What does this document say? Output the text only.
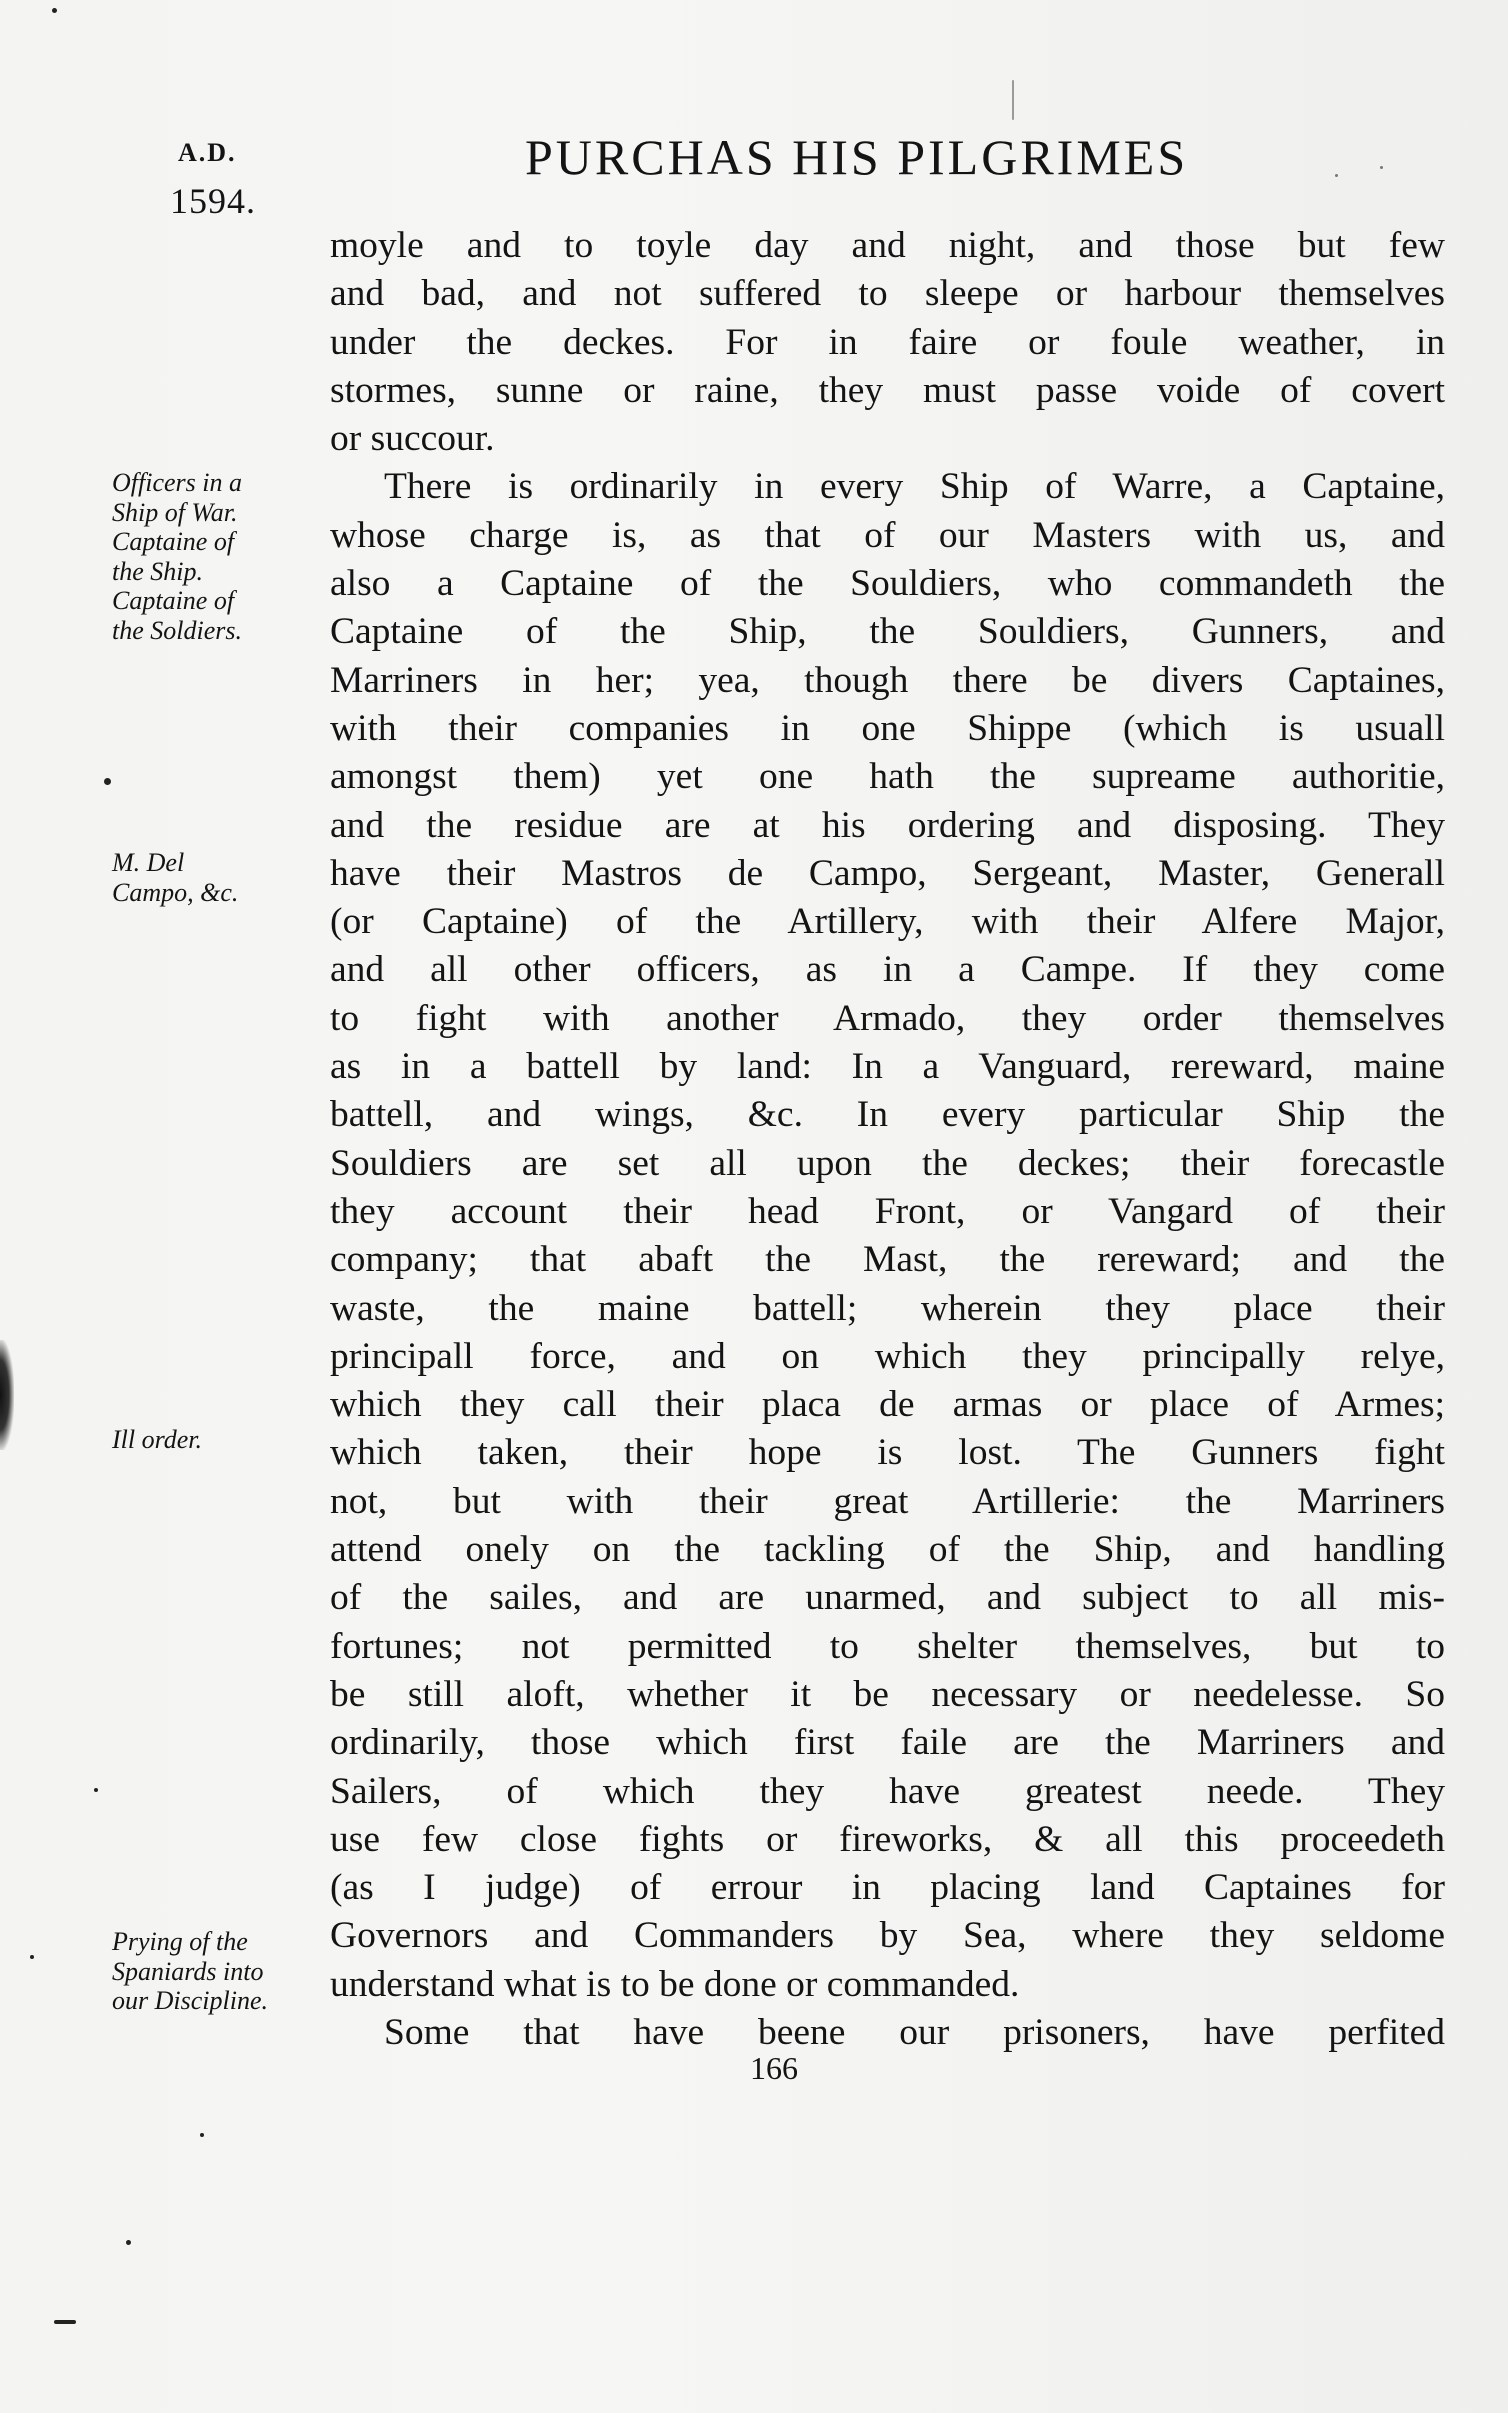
A.D.
1594.
PURCHAS HIS PILGRIMES
Officers in a
Ship of War.
Captaine of
the Ship.
Captaine of
the Soldiers.
M. Del
Campo, &c.
Ill order.
Prying of the
Spaniards into
our Discipline.
moyle and to toyle day and night, and those but few
and bad, and not suffered to sleepe or harbour themselves
under the deckes. For in faire or foule weather, in
stormes, sunne or raine, they must passe voide of covert
or succour.
There is ordinarily in every Ship of Warre, a Captaine,
whose charge is, as that of our Masters with us, and
also a Captaine of the Souldiers, who commandeth the
Captaine of the Ship, the Souldiers, Gunners, and
Marriners in her; yea, though there be divers Captaines,
with their companies in one Shippe (which is usuall
amongst them) yet one hath the supreame authoritie,
and the residue are at his ordering and disposing. They
have their Mastros de Campo, Sergeant, Master, Generall
(or Captaine) of the Artillery, with their Alfere Major,
and all other officers, as in a Campe. If they come
to fight with another Armado, they order themselves
as in a battell by land: In a Vanguard, rereward, maine
battell, and wings, &c. In every particular Ship the
Souldiers are set all upon the deckes; their forecastle
they account their head Front, or Vangard of their
company; that abaft the Mast, the rereward; and the
waste, the maine battell; wherein they place their
principall force, and on which they principally relye,
which they call their placa de armas or place of Armes;
which taken, their hope is lost. The Gunners fight
not, but with their great Artillerie: the Marriners
attend onely on the tackling of the Ship, and handling
of the sailes, and are unarmed, and subject to all mis-
fortunes; not permitted to shelter themselves, but to
be still aloft, whether it be necessary or needelesse. So
ordinarily, those which first faile are the Marriners and
Sailers, of which they have greatest neede. They
use few close fights or fireworks, & all this proceedeth
(as I judge) of errour in placing land Captaines for
Governors and Commanders by Sea, where they seldome
understand what is to be done or commanded.
Some that have beene our prisoners, have perfited
166
